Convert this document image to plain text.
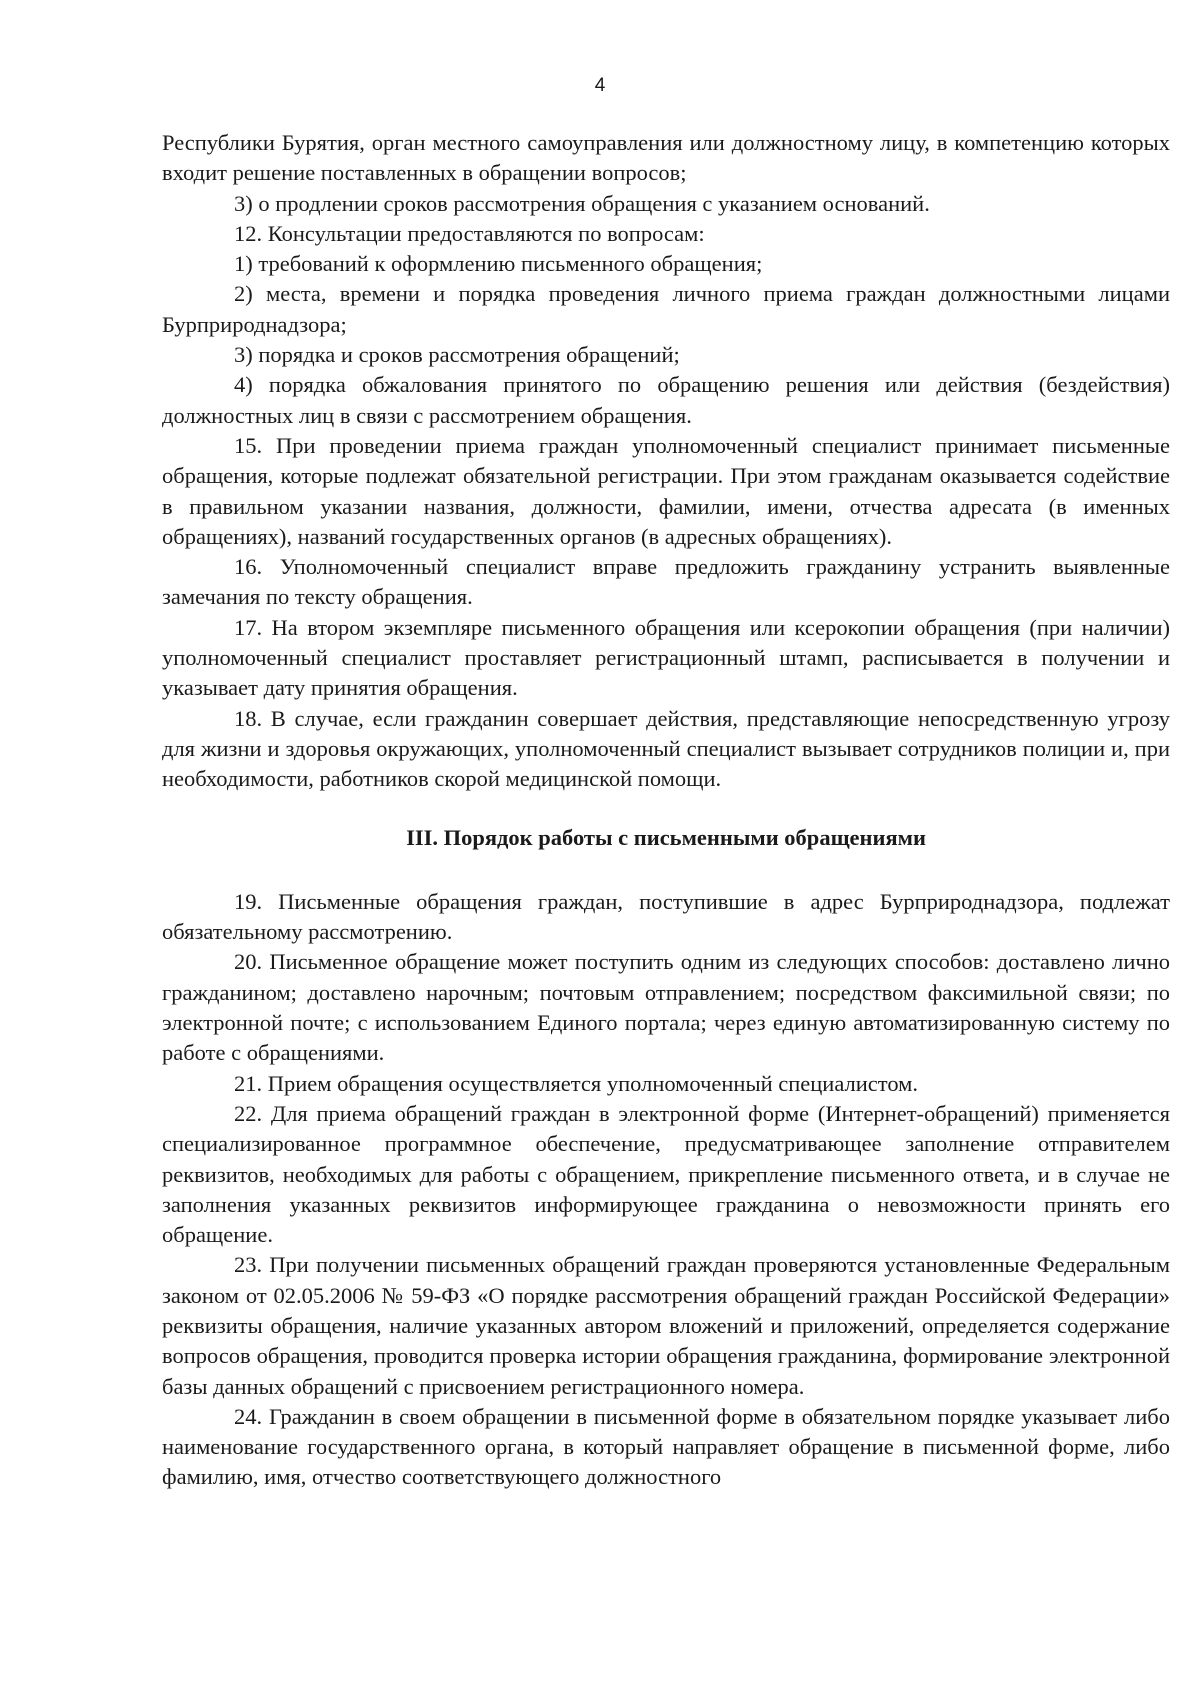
4

Республики Бурятия, орган местного самоуправления или должностному лицу, в компетенцию которых входит решение поставленных в обращении вопросов;

3) о продлении сроков рассмотрения обращения с указанием оснований.

12. Консультации предоставляются по вопросам:

1) требований к оформлению письменного обращения;

2) места, времени и порядка проведения личного приема граждан должностными лицами Бурприроднадзора;

3) порядка и сроков рассмотрения обращений;

4) порядка обжалования принятого по обращению решения или действия (бездействия) должностных лиц в связи с рассмотрением обращения.

15. При проведении приема граждан уполномоченный специалист принимает письменные обращения, которые подлежат обязательной регистрации. При этом гражданам оказывается содействие в правильном указании названия, должности, фамилии, имени, отчества адресата (в именных обращениях), названий государственных органов (в адресных обращениях).

16. Уполномоченный специалист вправе предложить гражданину устранить выявленные замечания по тексту обращения.

17. На втором экземпляре письменного обращения или ксерокопии обращения (при наличии) уполномоченный специалист проставляет регистрационный штамп, расписывается в получении и указывает дату принятия обращения.

18. В случае, если гражданин совершает действия, представляющие непосредственную угрозу для жизни и здоровья окружающих, уполномоченный специалист вызывает сотрудников полиции и, при необходимости, работников скорой медицинской помощи.

III. Порядок работы с письменными обращениями

19. Письменные обращения граждан, поступившие в адрес Бурприроднадзора, подлежат обязательному рассмотрению.

20. Письменное обращение может поступить одним из следующих способов: доставлено лично гражданином; доставлено нарочным; почтовым отправлением; посредством факсимильной связи; по электронной почте; с использованием Единого портала; через единую автоматизированную систему по работе с обращениями.

21. Прием обращения осуществляется уполномоченный специалистом.

22. Для приема обращений граждан в электронной форме (Интернет-обращений) применяется специализированное программное обеспечение, предусматривающее заполнение отправителем реквизитов, необходимых для работы с обращением, прикрепление письменного ответа, и в случае не заполнения указанных реквизитов информирующее гражданина о невозможности принять его обращение.

23. При получении письменных обращений граждан проверяются установленные Федеральным законом от 02.05.2006 № 59-ФЗ «О порядке рассмотрения обращений граждан Российской Федерации» реквизиты обращения, наличие указанных автором вложений и приложений, определяется содержание вопросов обращения, проводится проверка истории обращения гражданина, формирование электронной базы данных обращений с присвоением регистрационного номера.

24. Гражданин в своем обращении в письменной форме в обязательном порядке указывает либо наименование государственного органа, в который направляет обращение в письменной форме, либо фамилию, имя, отчество соответствующего должностного
